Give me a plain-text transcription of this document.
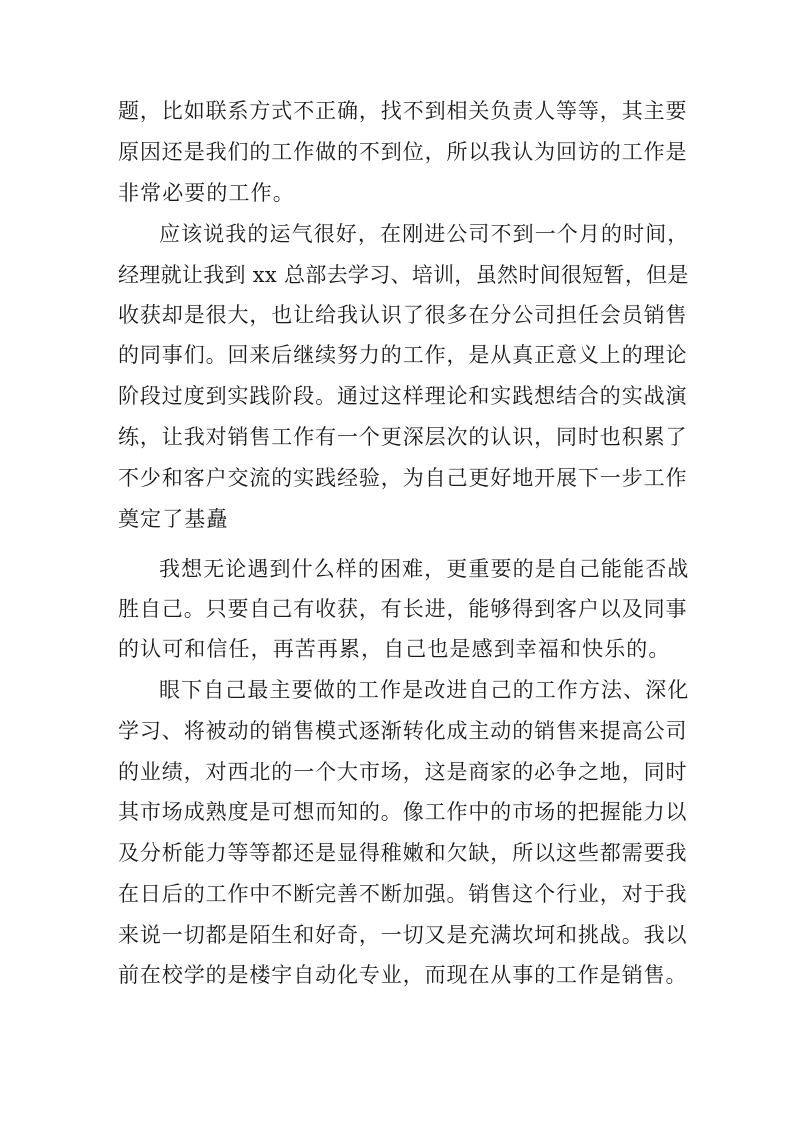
题，比如联系方式不正确，找不到相关负责人等等，其主要
原因还是我们的工作做的不到位，所以我认为回访的工作是
非常必要的工作。
应该说我的运气很好，在刚进公司不到一个月的时间，
经理就让我到 xx 总部去学习、培训，虽然时间很短暂，但是
收获却是很大，也让给我认识了很多在分公司担任会员销售
的同事们。回来后继续努力的工作，是从真正意义上的理论
阶段过度到实践阶段。通过这样理论和实践想结合的实战演
练，让我对销售工作有一个更深层次的认识，同时也积累了
不少和客户交流的实践经验，为自己更好地开展下一步工作
奠定了基矗
我想无论遇到什么样的困难，更重要的是自己能能否战
胜自己。只要自己有收获，有长进，能够得到客户以及同事
的认可和信任，再苦再累，自己也是感到幸福和快乐的。
眼下自己最主要做的工作是改进自己的工作方法、深化
学习、将被动的销售模式逐渐转化成主动的销售来提高公司
的业绩，对西北的一个大市场，这是商家的必争之地，同时
其市场成熟度是可想而知的。像工作中的市场的把握能力以
及分析能力等等都还是显得稚嫩和欠缺，所以这些都需要我
在日后的工作中不断完善不断加强。销售这个行业，对于我
来说一切都是陌生和好奇，一切又是充满坎坷和挑战。我以
前在校学的是楼宇自动化专业，而现在从事的工作是销售。
